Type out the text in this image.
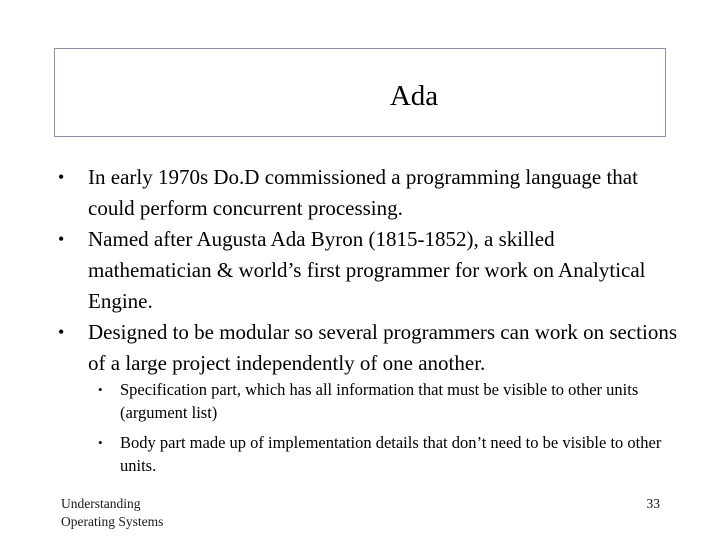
Ada
•	In early 1970s Do.D commissioned a programming language that could perform concurrent processing.
•	Named after Augusta Ada Byron (1815-1852), a skilled mathematician & world’s first programmer for work on Analytical Engine.
•	Designed to be modular so several programmers can work on sections of a large project independently of one another.
• Specification part, which has all information that must be visible to other units (argument list)
• Body part made up of implementation details that don’t need to be visible to other units.
Understanding
Operating Systems
33
